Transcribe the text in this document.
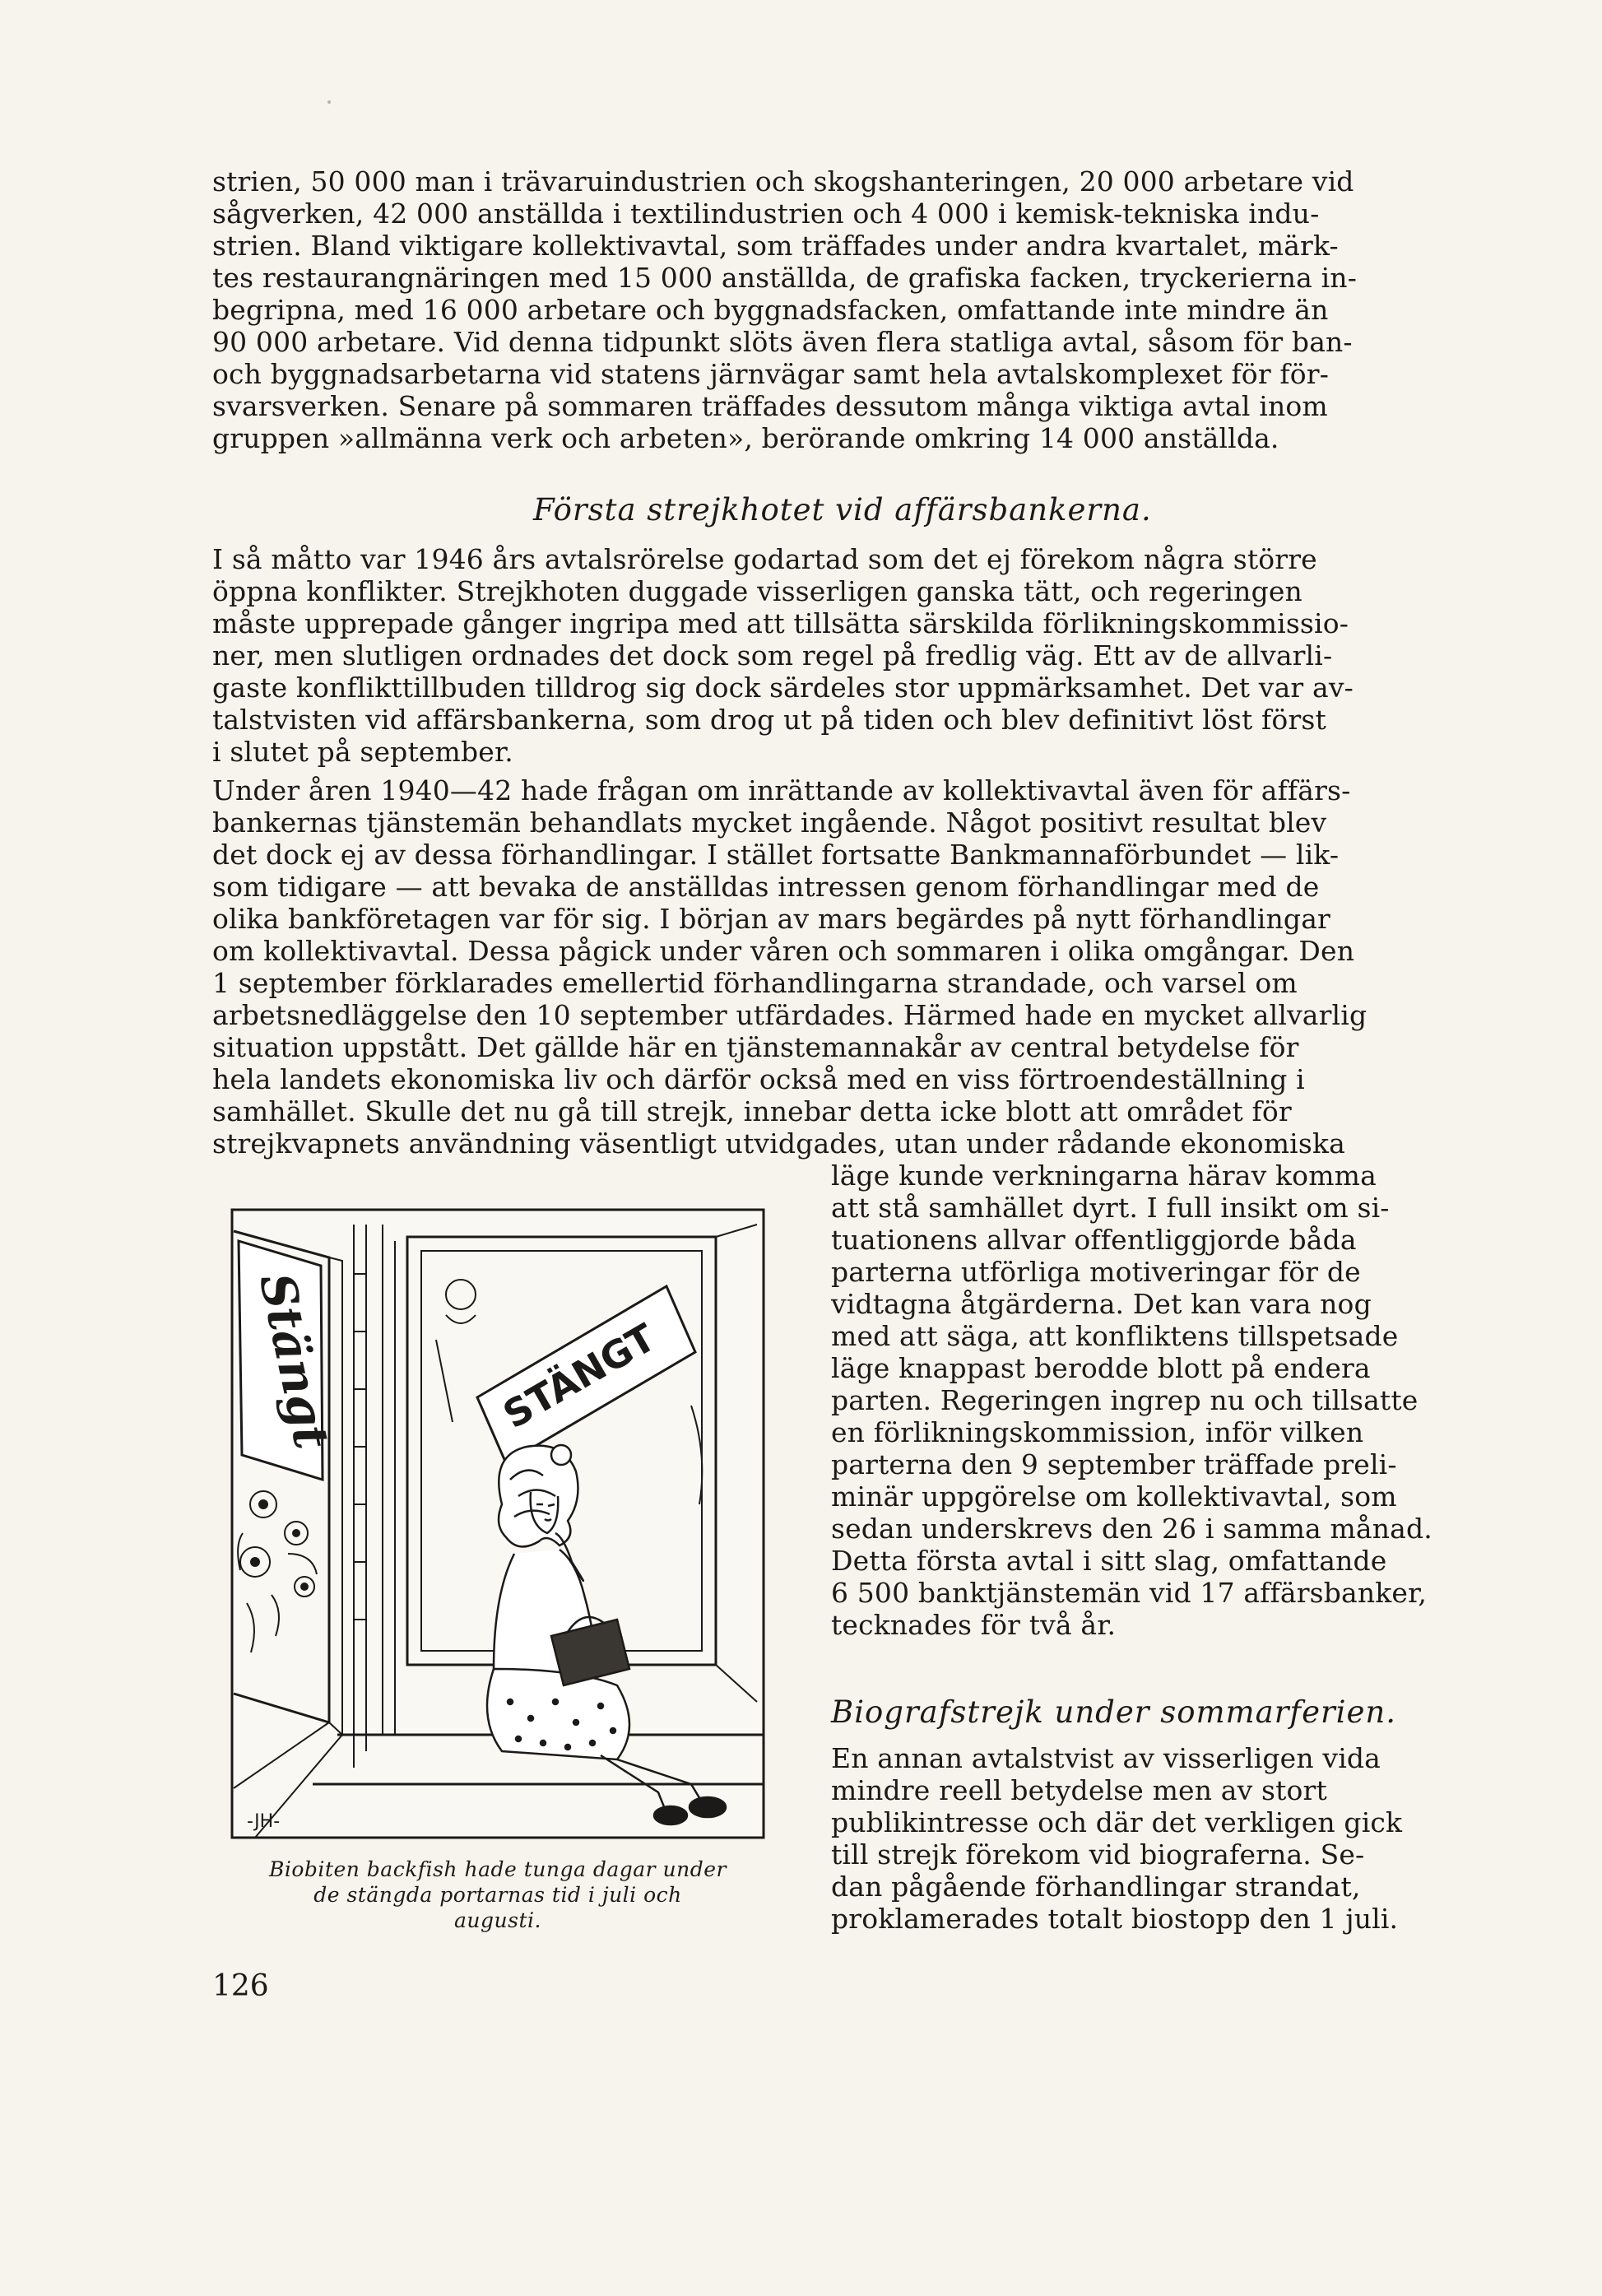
strien, 50 000 man i trävaruindustrien och skogshanteringen, 20 000 arbetare vid
sågverken, 42 000 anställda i textilindustrien och 4 000 i kemisk-tekniska indu-
strien. Bland viktigare kollektivavtal, som träffades under andra kvartalet, märk-
tes restaurangnäringen med 15 000 anställda, de grafiska facken, tryckerierna in-
begripna, med 16 000 arbetare och byggnadsfacken, omfattande inte mindre än
90 000 arbetare. Vid denna tidpunkt slöts även flera statliga avtal, såsom för ban-
och byggnadsarbetarna vid statens järnvägar samt hela avtalskomplexet för för-
svarsverken. Senare på sommaren träffades dessutom många viktiga avtal inom
gruppen »allmänna verk och arbeten», berörande omkring 14 000 anställda.
Första strejkhotet vid affärsbankerna.
I så måtto var 1946 års avtalsrörelse godartad som det ej förekom några större
öppna konflikter. Strejkhoten duggade visserligen ganska tätt, och regeringen
måste upprepade gånger ingripa med att tillsätta särskilda förlikningskommissio-
ner, men slutligen ordnades det dock som regel på fredlig väg. Ett av de allvarli-
gaste konflikttillbuden tilldrog sig dock särdeles stor uppmärksamhet. Det var av-
talstvisten vid affärsbankerna, som drog ut på tiden och blev definitivt löst först
i slutet på september.
Under åren 1940—42 hade frågan om inrättande av kollektivavtal även för affärs-
bankernas tjänstemän behandlats mycket ingående. Något positivt resultat blev
det dock ej av dessa förhandlingar. I stället fortsatte Bankmannaförbundet — lik-
som tidigare — att bevaka de anställdas intressen genom förhandlingar med de
olika bankföretagen var för sig. I början av mars begärdes på nytt förhandlingar
om kollektivavtal. Dessa pågick under våren och sommaren i olika omgångar. Den
1 september förklarades emellertid förhandlingarna strandade, och varsel om
arbetsnedläggelse den 10 september utfärdades. Härmed hade en mycket allvarlig
situation uppstått. Det gällde här en tjänstemannakår av central betydelse för
hela landets ekonomiska liv och därför också med en viss förtroendeställning i
samhället. Skulle det nu gå till strejk, innebar detta icke blott att området för
strejkvapnets användning väsentligt utvidgades, utan under rådande ekonomiska
läge kunde verkningarna härav komma
att stå samhället dyrt. I full insikt om si-
tuationens allvar offentliggjorde båda
parterna utförliga motiveringar för de
vidtagna åtgärderna. Det kan vara nog
med att säga, att konfliktens tillspetsade
läge knappast berodde blott på endera
parten. Regeringen ingrep nu och tillsatte
en förlikningskommission, inför vilken
parterna den 9 september träffade preli-
minär uppgörelse om kollektivavtal, som
sedan underskrevs den 26 i samma månad.
Detta första avtal i sitt slag, omfattande
6 500 banktjänstemän vid 17 affärsbanker,
tecknades för två år.
Biografstrejk under sommarferien.
En annan avtalstvist av visserligen vida
mindre reell betydelse men av stort
publikintresse och där det verkligen gick
till strejk förekom vid biograferna. Se-
dan pågående förhandlingar strandat,
proklamerades totalt biostopp den 1 juli.
Stängt	STÄNGT
-JH-
Biobiten backfish hade tunga dagar under
de stängda portarnas tid i juli och
augusti.
126
